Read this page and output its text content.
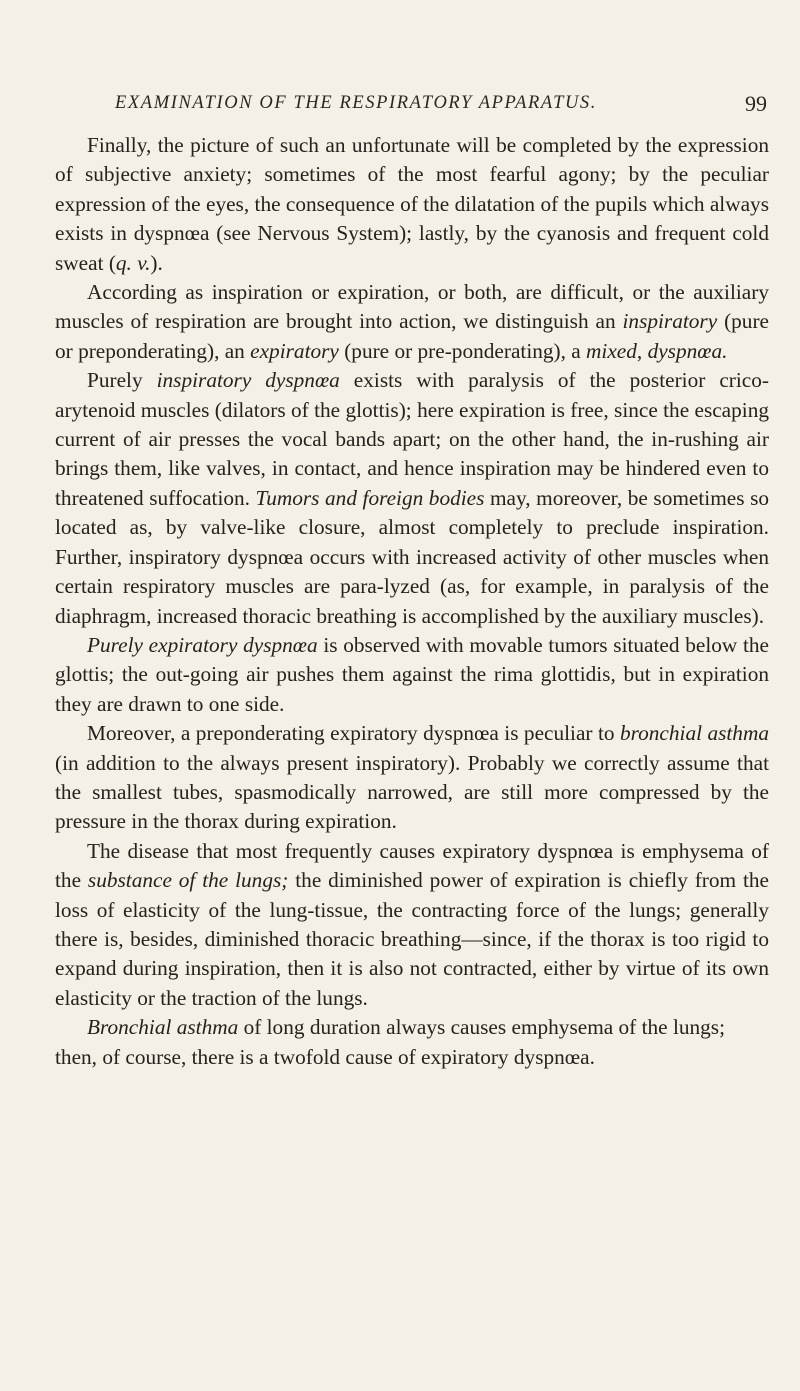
EXAMINATION OF THE RESPIRATORY APPARATUS.	99

Finally, the picture of such an unfortunate will be completed by the expression of subjective anxiety; sometimes of the most fearful agony; by the peculiar expression of the eyes, the consequence of the dilatation of the pupils which always exists in dyspnœa (see Nervous System); lastly, by the cyanosis and frequent cold sweat (q. v.).

According as inspiration or expiration, or both, are difficult, or the auxiliary muscles of respiration are brought into action, we distinguish an inspiratory (pure or preponderating), an expiratory (pure or pre-ponderating), a mixed, dyspnœa.

Purely inspiratory dyspnœa exists with paralysis of the posterior crico-arytenoid muscles (dilators of the glottis); here expiration is free, since the escaping current of air presses the vocal bands apart; on the other hand, the in-rushing air brings them, like valves, in contact, and hence inspiration may be hindered even to threatened suffocation. Tumors and foreign bodies may, moreover, be sometimes so located as, by valve-like closure, almost completely to preclude inspiration. Further, inspiratory dyspnœa occurs with increased activity of other muscles when certain respiratory muscles are para-lyzed (as, for example, in paralysis of the diaphragm, increased thoracic breathing is accomplished by the auxiliary muscles).

Purely expiratory dyspnœa is observed with movable tumors situated below the glottis; the out-going air pushes them against the rima glottidis, but in expiration they are drawn to one side.

Moreover, a preponderating expiratory dyspnœa is peculiar to bronchial asthma (in addition to the always present inspiratory). Probably we correctly assume that the smallest tubes, spasmodically narrowed, are still more compressed by the pressure in the thorax during expiration.

The disease that most frequently causes expiratory dyspnœa is emphysema of the substance of the lungs; the diminished power of expiration is chiefly from the loss of elasticity of the lung-tissue, the contracting force of the lungs; generally there is, besides, diminished thoracic breathing—since, if the thorax is too rigid to expand during inspiration, then it is also not contracted, either by virtue of its own elasticity or the traction of the lungs.

Bronchial asthma of long duration always causes emphysema of the lungs; then, of course, there is a twofold cause of expiratory dyspnœa.
